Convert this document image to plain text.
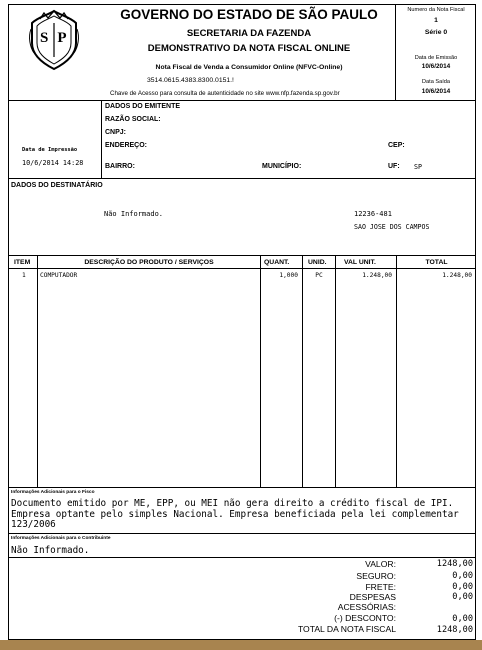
SP
GOVERNO DO ESTADO DE SÃO PAULO
SECRETARIA DA FAZENDA
DEMONSTRATIVO DA NOTA FISCAL ONLINE
Nota Fiscal de Venda a Consumidor Online (NFVC-Online)
3514.0615.4383.8300.0151.!
Chave de Acesso para consulta de autenticidade no site www.nfp.fazenda.sp.gov.br
Numero da Nota Fiscal
1
Série 0
Data de Emissão
10/6/2014
Data Saída
10/6/2014
DADOS DO EMITENTE
RAZÃO SOCIAL:
CNPJ:
ENDEREÇO:	CEP:
BAIRRO:	MUNICÍPIO:	UF: SP
Data de Impressão
10/6/2014 14:28
DADOS DO DESTINATÁRIO
Não Informado.	12236-481
SAO JOSE DOS CAMPOS
ITEM	DESCRIÇÃO DO PRODUTO / SERVIÇOS	QUANT.	UNID.	VAL UNIT.	TOTAL
1 COMPUTADOR	1,000	PC	1.248,00	1.248,00
Informações Adicionais para o Fisco
Documento emitido por ME, EPP, ou MEI não gera direito a crédito fiscal de IPI. Empresa optante pelo simples Nacional. Empresa beneficiada pela lei complementar 123/2006
Informações Adicionais para o Contribuinte
Não Informado.
VALOR:	1248,00
SEGURO:	0,00
FRETE:	0,00
DESPESAS	0,00
ACESSÓRIAS:
(-) DESCONTO:	0,00
TOTAL DA NOTA FISCAL	1248,00
